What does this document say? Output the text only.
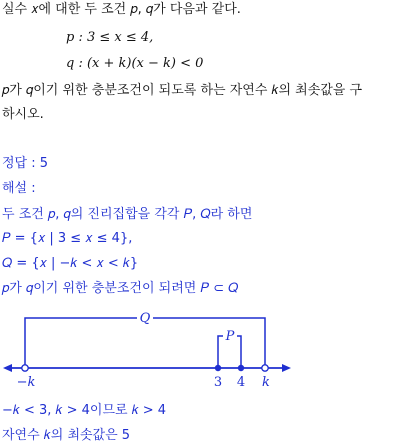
실수 𝑥에 대한 두 조건 𝑝, 𝑞가 다음과 같다.
𝑝 : 3 ≤ 𝑥 ≤ 4,
𝑞 : (𝑥 + 𝑘)(𝑥 − 𝑘) < 0
𝑝가 𝑞이기 위한 충분조건이 되도록 하는 자연수 𝑘의 최솟값을 구
하시오.
정답 : 5
해설 :
두 조건 𝑝, 𝑞의 진리집합을 각각 𝑃, 𝑄라 하면
𝑃 = {𝑥 | 3 ≤ 𝑥 ≤ 4},
𝑄 = {𝑥 | −𝑘 < 𝑥 < 𝑘}
𝑝가 𝑞이기 위한 충분조건이 되려면 𝑃 ⊂ 𝑄
Q
P
−k	3 4 k
−𝑘 < 3, 𝑘 > 4이므로 𝑘 > 4
자연수 𝑘의 최솟값은 5
